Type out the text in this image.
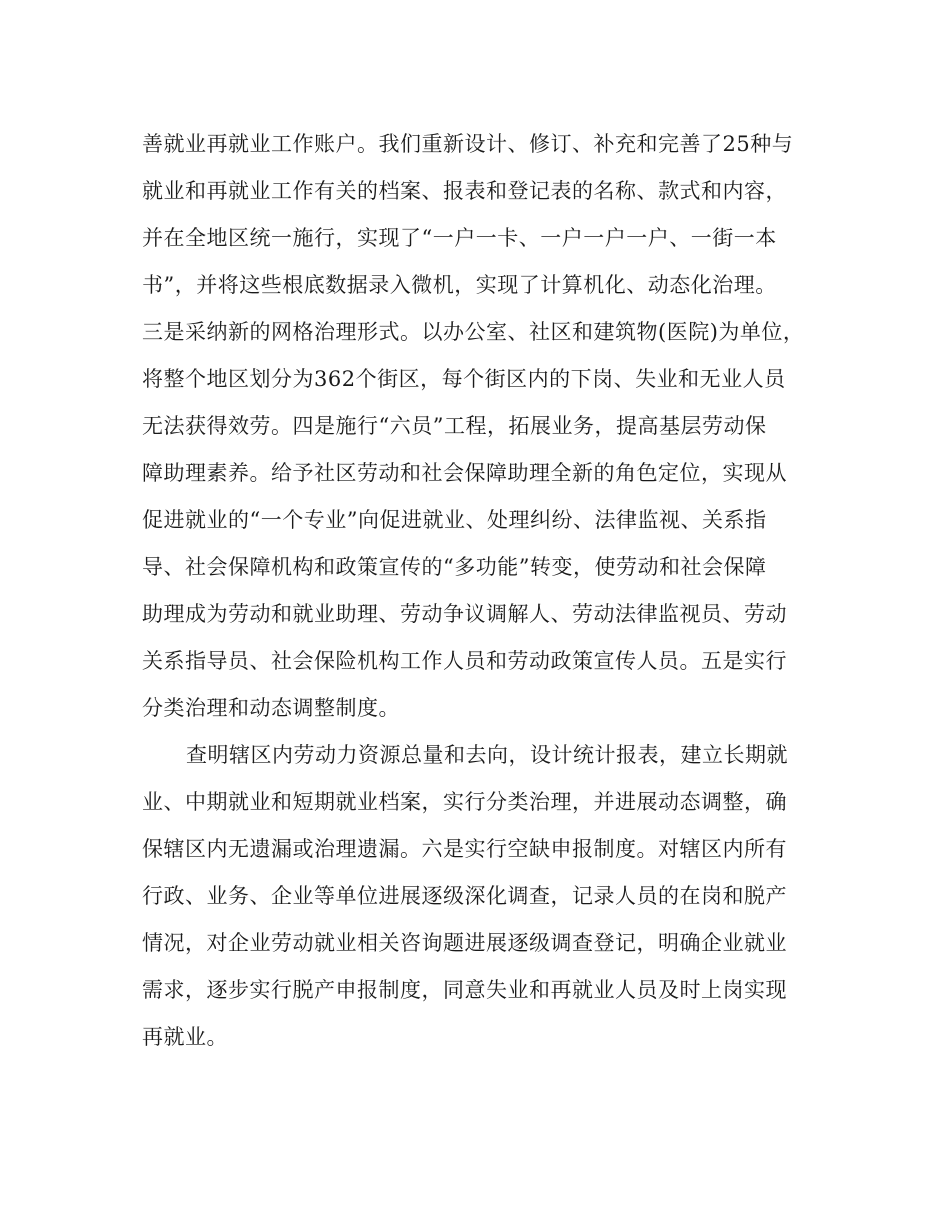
善就业再就业工作账户。我们重新设计、修订、补充和完善了25种与
就业和再就业工作有关的档案、报表和登记表的名称、款式和内容，
并在全地区统一施行，实现了“一户一卡、一户一户一户、一街一本
书”，并将这些根底数据录入微机，实现了计算机化、动态化治理。
三是采纳新的网格治理形式。以办公室、社区和建筑物(医院)为单位，
将整个地区划分为362个街区，每个街区内的下岗、失业和无业人员
无法获得效劳。四是施行“六员”工程，拓展业务，提高基层劳动保
障助理素养。给予社区劳动和社会保障助理全新的角色定位，实现从
促进就业的“一个专业”向促进就业、处理纠纷、法律监视、关系指
导、社会保障机构和政策宣传的“多功能”转变，使劳动和社会保障
助理成为劳动和就业助理、劳动争议调解人、劳动法律监视员、劳动
关系指导员、社会保险机构工作人员和劳动政策宣传人员。五是实行
分类治理和动态调整制度。
查明辖区内劳动力资源总量和去向，设计统计报表，建立长期就
业、中期就业和短期就业档案，实行分类治理，并进展动态调整，确
保辖区内无遗漏或治理遗漏。六是实行空缺申报制度。对辖区内所有
行政、业务、企业等单位进展逐级深化调查，记录人员的在岗和脱产
情况，对企业劳动就业相关咨询题进展逐级调查登记，明确企业就业
需求，逐步实行脱产申报制度，同意失业和再就业人员及时上岗实现
再就业。
